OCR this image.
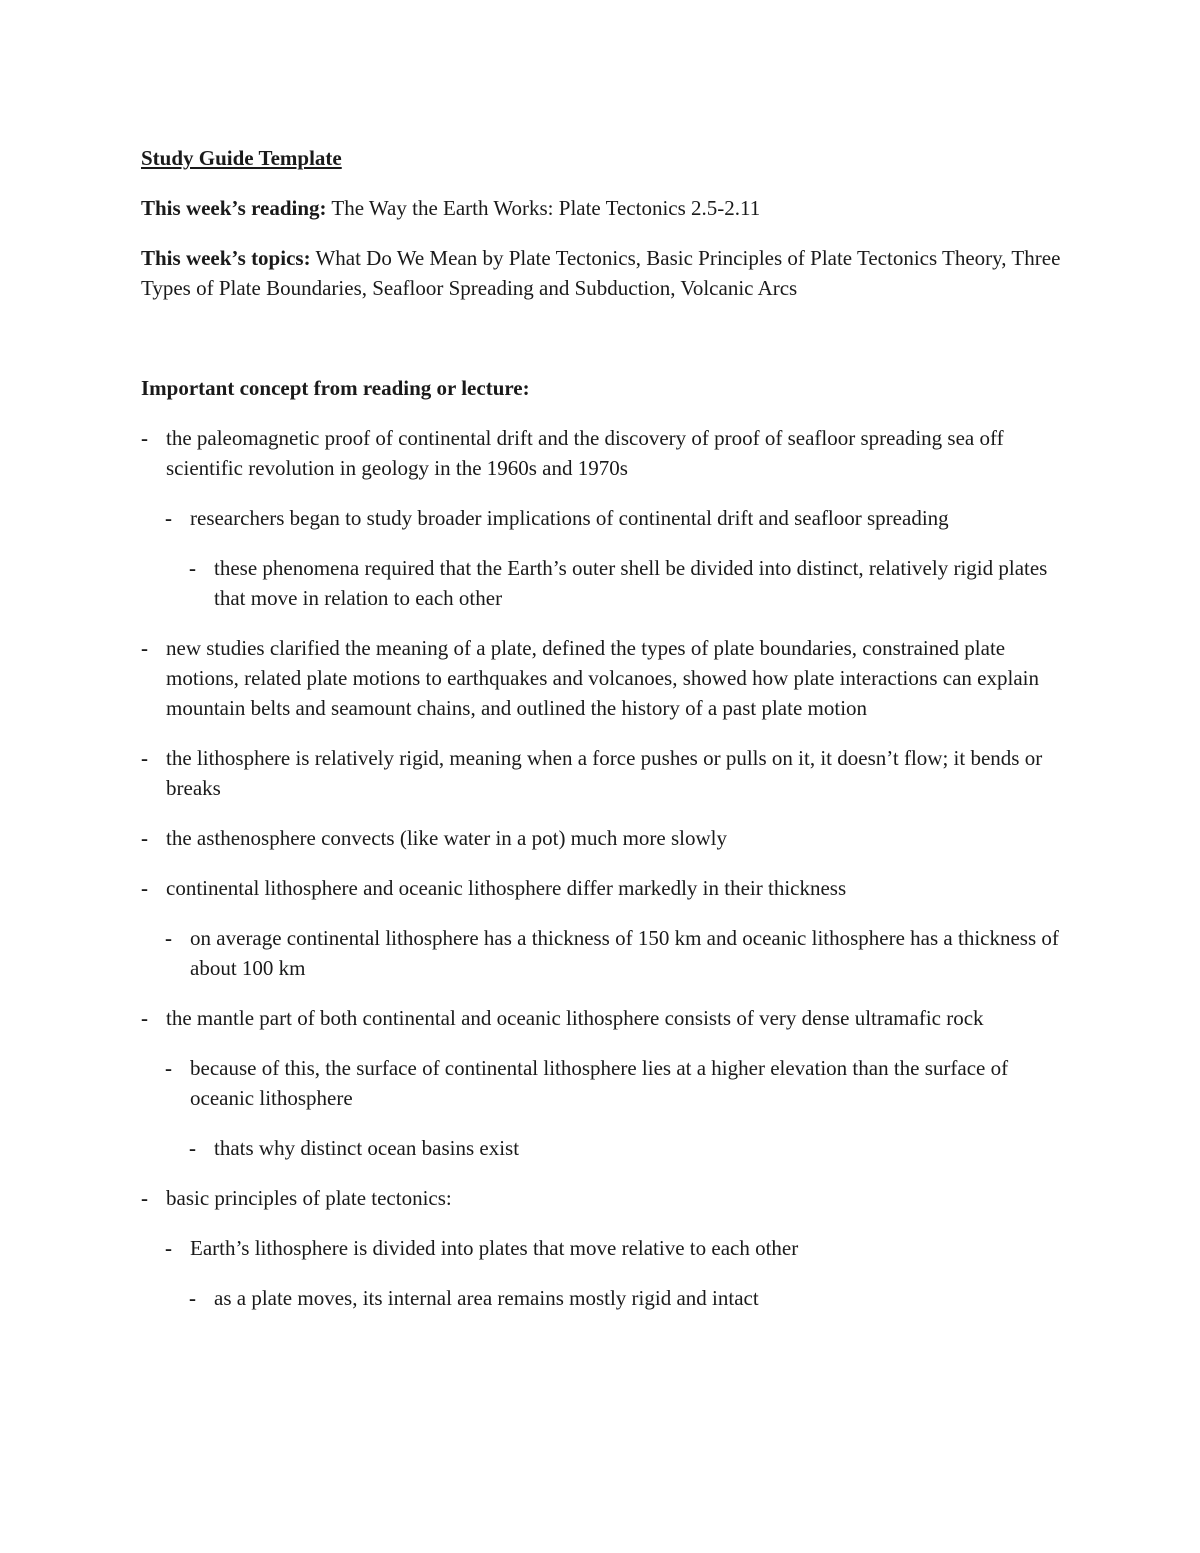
Study Guide Template
This week’s reading: The Way the Earth Works: Plate Tectonics 2.5-2.11
This week’s topics: What Do We Mean by Plate Tectonics, Basic Principles of Plate Tectonics Theory, Three Types of Plate Boundaries, Seafloor Spreading and Subduction, Volcanic Arcs
Important concept from reading or lecture:
- the paleomagnetic proof of continental drift and the discovery of proof of seafloor spreading sea off scientific revolution in geology in the 1960s and 1970s
- researchers began to study broader implications of continental drift and seafloor spreading
- these phenomena required that the Earth’s outer shell be divided into distinct, relatively rigid plates that move in relation to each other
- new studies clarified the meaning of a plate, defined the types of plate boundaries, constrained plate motions, related plate motions to earthquakes and volcanoes, showed how plate interactions can explain mountain belts and seamount chains, and outlined the history of a past plate motion
- the lithosphere is relatively rigid, meaning when a force pushes or pulls on it, it doesn’t flow; it bends or breaks
- the asthenosphere convects (like water in a pot) much more slowly
- continental lithosphere and oceanic lithosphere differ markedly in their thickness
- on average continental lithosphere has a thickness of 150 km and oceanic lithosphere has a thickness of about 100 km
- the mantle part of both continental and oceanic lithosphere consists of very dense ultramafic rock
- because of this, the surface of continental lithosphere lies at a higher elevation than the surface of oceanic lithosphere
- thats why distinct ocean basins exist
- basic principles of plate tectonics:
- Earth’s lithosphere is divided into plates that move relative to each other
- as a plate moves, its internal area remains mostly rigid and intact
